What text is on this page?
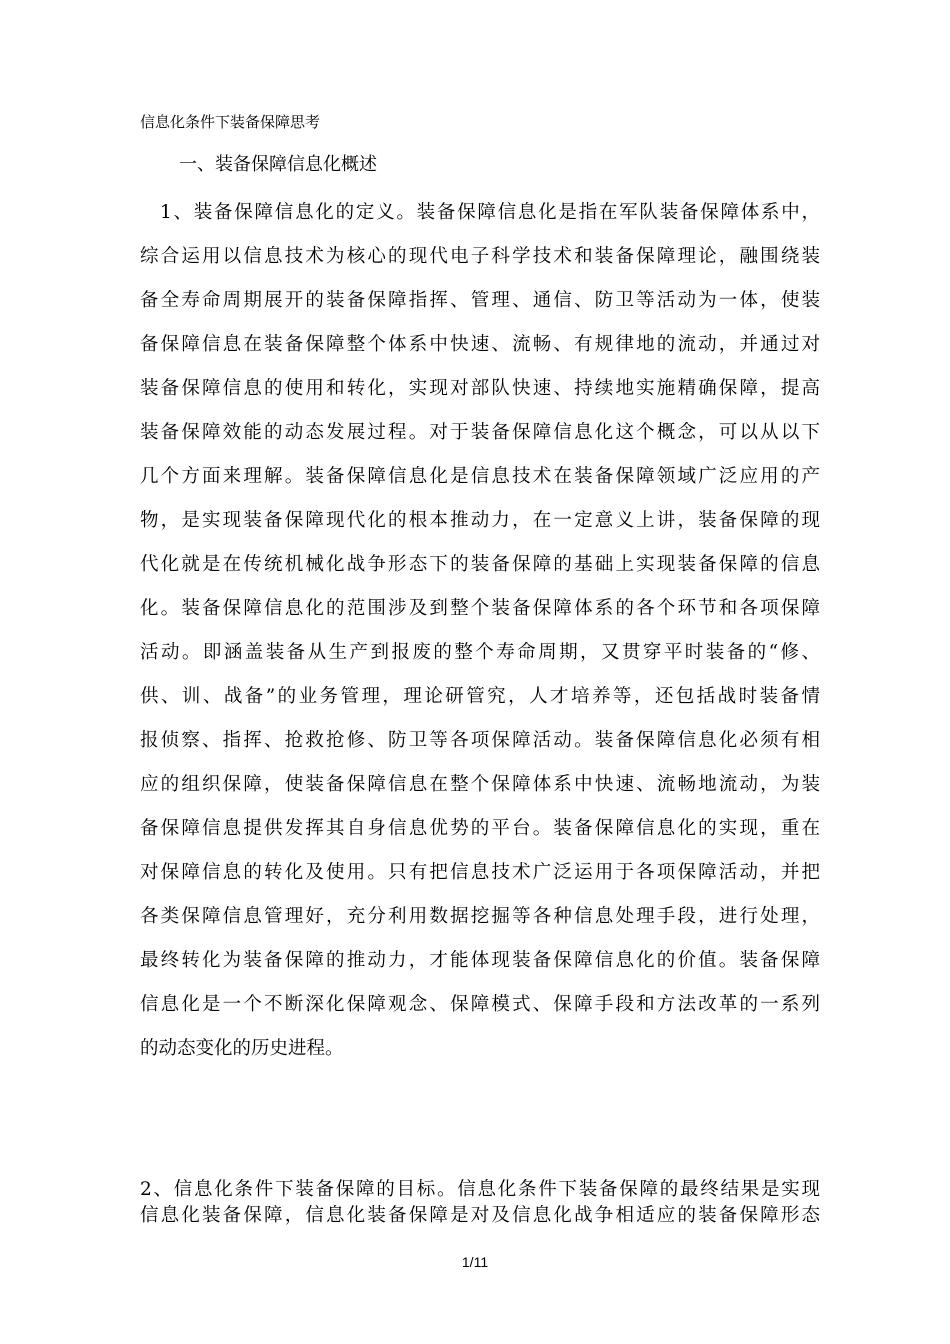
信息化条件下装备保障思考
一、装备保障信息化概述
1、装备保障信息化的定义。装备保障信息化是指在军队装备保障体系中，
综合运用以信息技术为核心的现代电子科学技术和装备保障理论，融围绕装
备全寿命周期展开的装备保障指挥、管理、通信、防卫等活动为一体，使装
备保障信息在装备保障整个体系中快速、流畅、有规律地的流动，并通过对
装备保障信息的使用和转化，实现对部队快速、持续地实施精确保障，提高
装备保障效能的动态发展过程。对于装备保障信息化这个概念，可以从以下
几个方面来理解。装备保障信息化是信息技术在装备保障领域广泛应用的产
物，是实现装备保障现代化的根本推动力，在一定意义上讲，装备保障的现
代化就是在传统机械化战争形态下的装备保障的基础上实现装备保障的信息
化。装备保障信息化的范围涉及到整个装备保障体系的各个环节和各项保障
活动。即涵盖装备从生产到报废的整个寿命周期，又贯穿平时装备的“修、
供、训、战备”的业务管理，理论研管究，人才培养等，还包括战时装备情
报侦察、指挥、抢救抢修、防卫等各项保障活动。装备保障信息化必须有相
应的组织保障，使装备保障信息在整个保障体系中快速、流畅地流动，为装
备保障信息提供发挥其自身信息优势的平台。装备保障信息化的实现，重在
对保障信息的转化及使用。只有把信息技术广泛运用于各项保障活动，并把
各类保障信息管理好，充分利用数据挖掘等各种信息处理手段，进行处理，
最终转化为装备保障的推动力，才能体现装备保障信息化的价值。装备保障
信息化是一个不断深化保障观念、保障模式、保障手段和方法改革的一系列
的动态变化的历史进程。
2、信息化条件下装备保障的目标。信息化条件下装备保障的最终结果是实现
信息化装备保障，信息化装备保障是对及信息化战争相适应的装备保障形态
1/11
